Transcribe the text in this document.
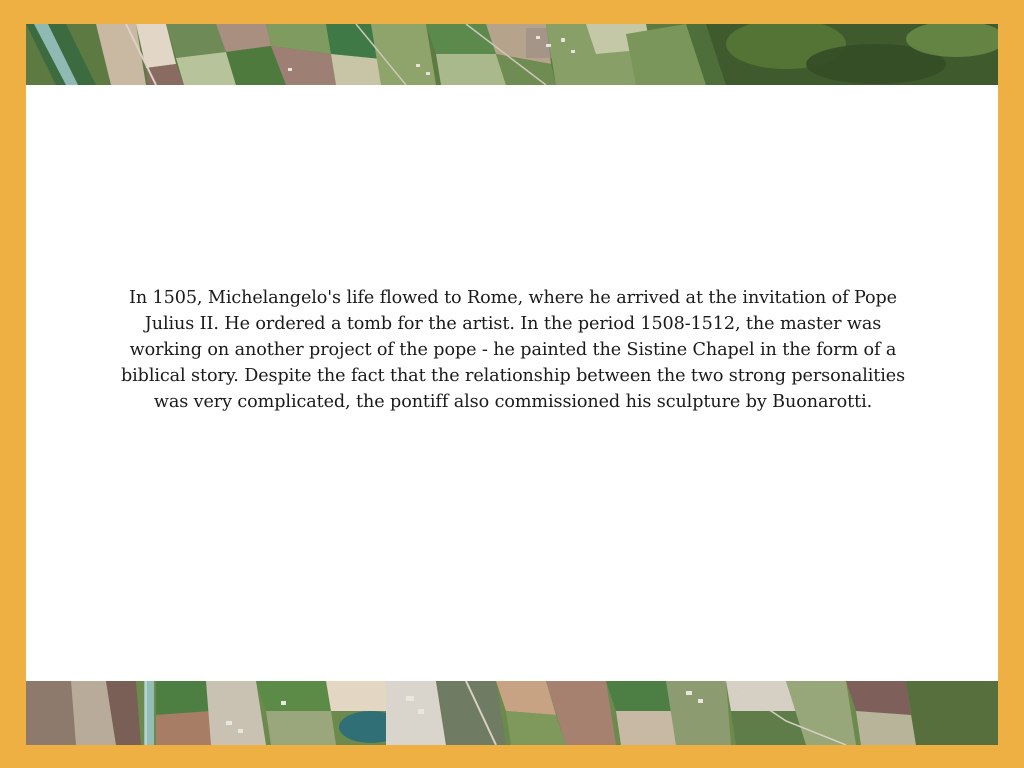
In 1505, Michelangelo's life flowed to Rome, where he arrived at the invitation of Pope Julius II. He ordered a tomb for the artist. In the period 1508-1512, the master was working on another project of the pope - he painted the Sistine Chapel in the form of a biblical story. Despite the fact that the relationship between the two strong personalities was very complicated, the pontiff also commissioned his sculpture by Buonarotti.
